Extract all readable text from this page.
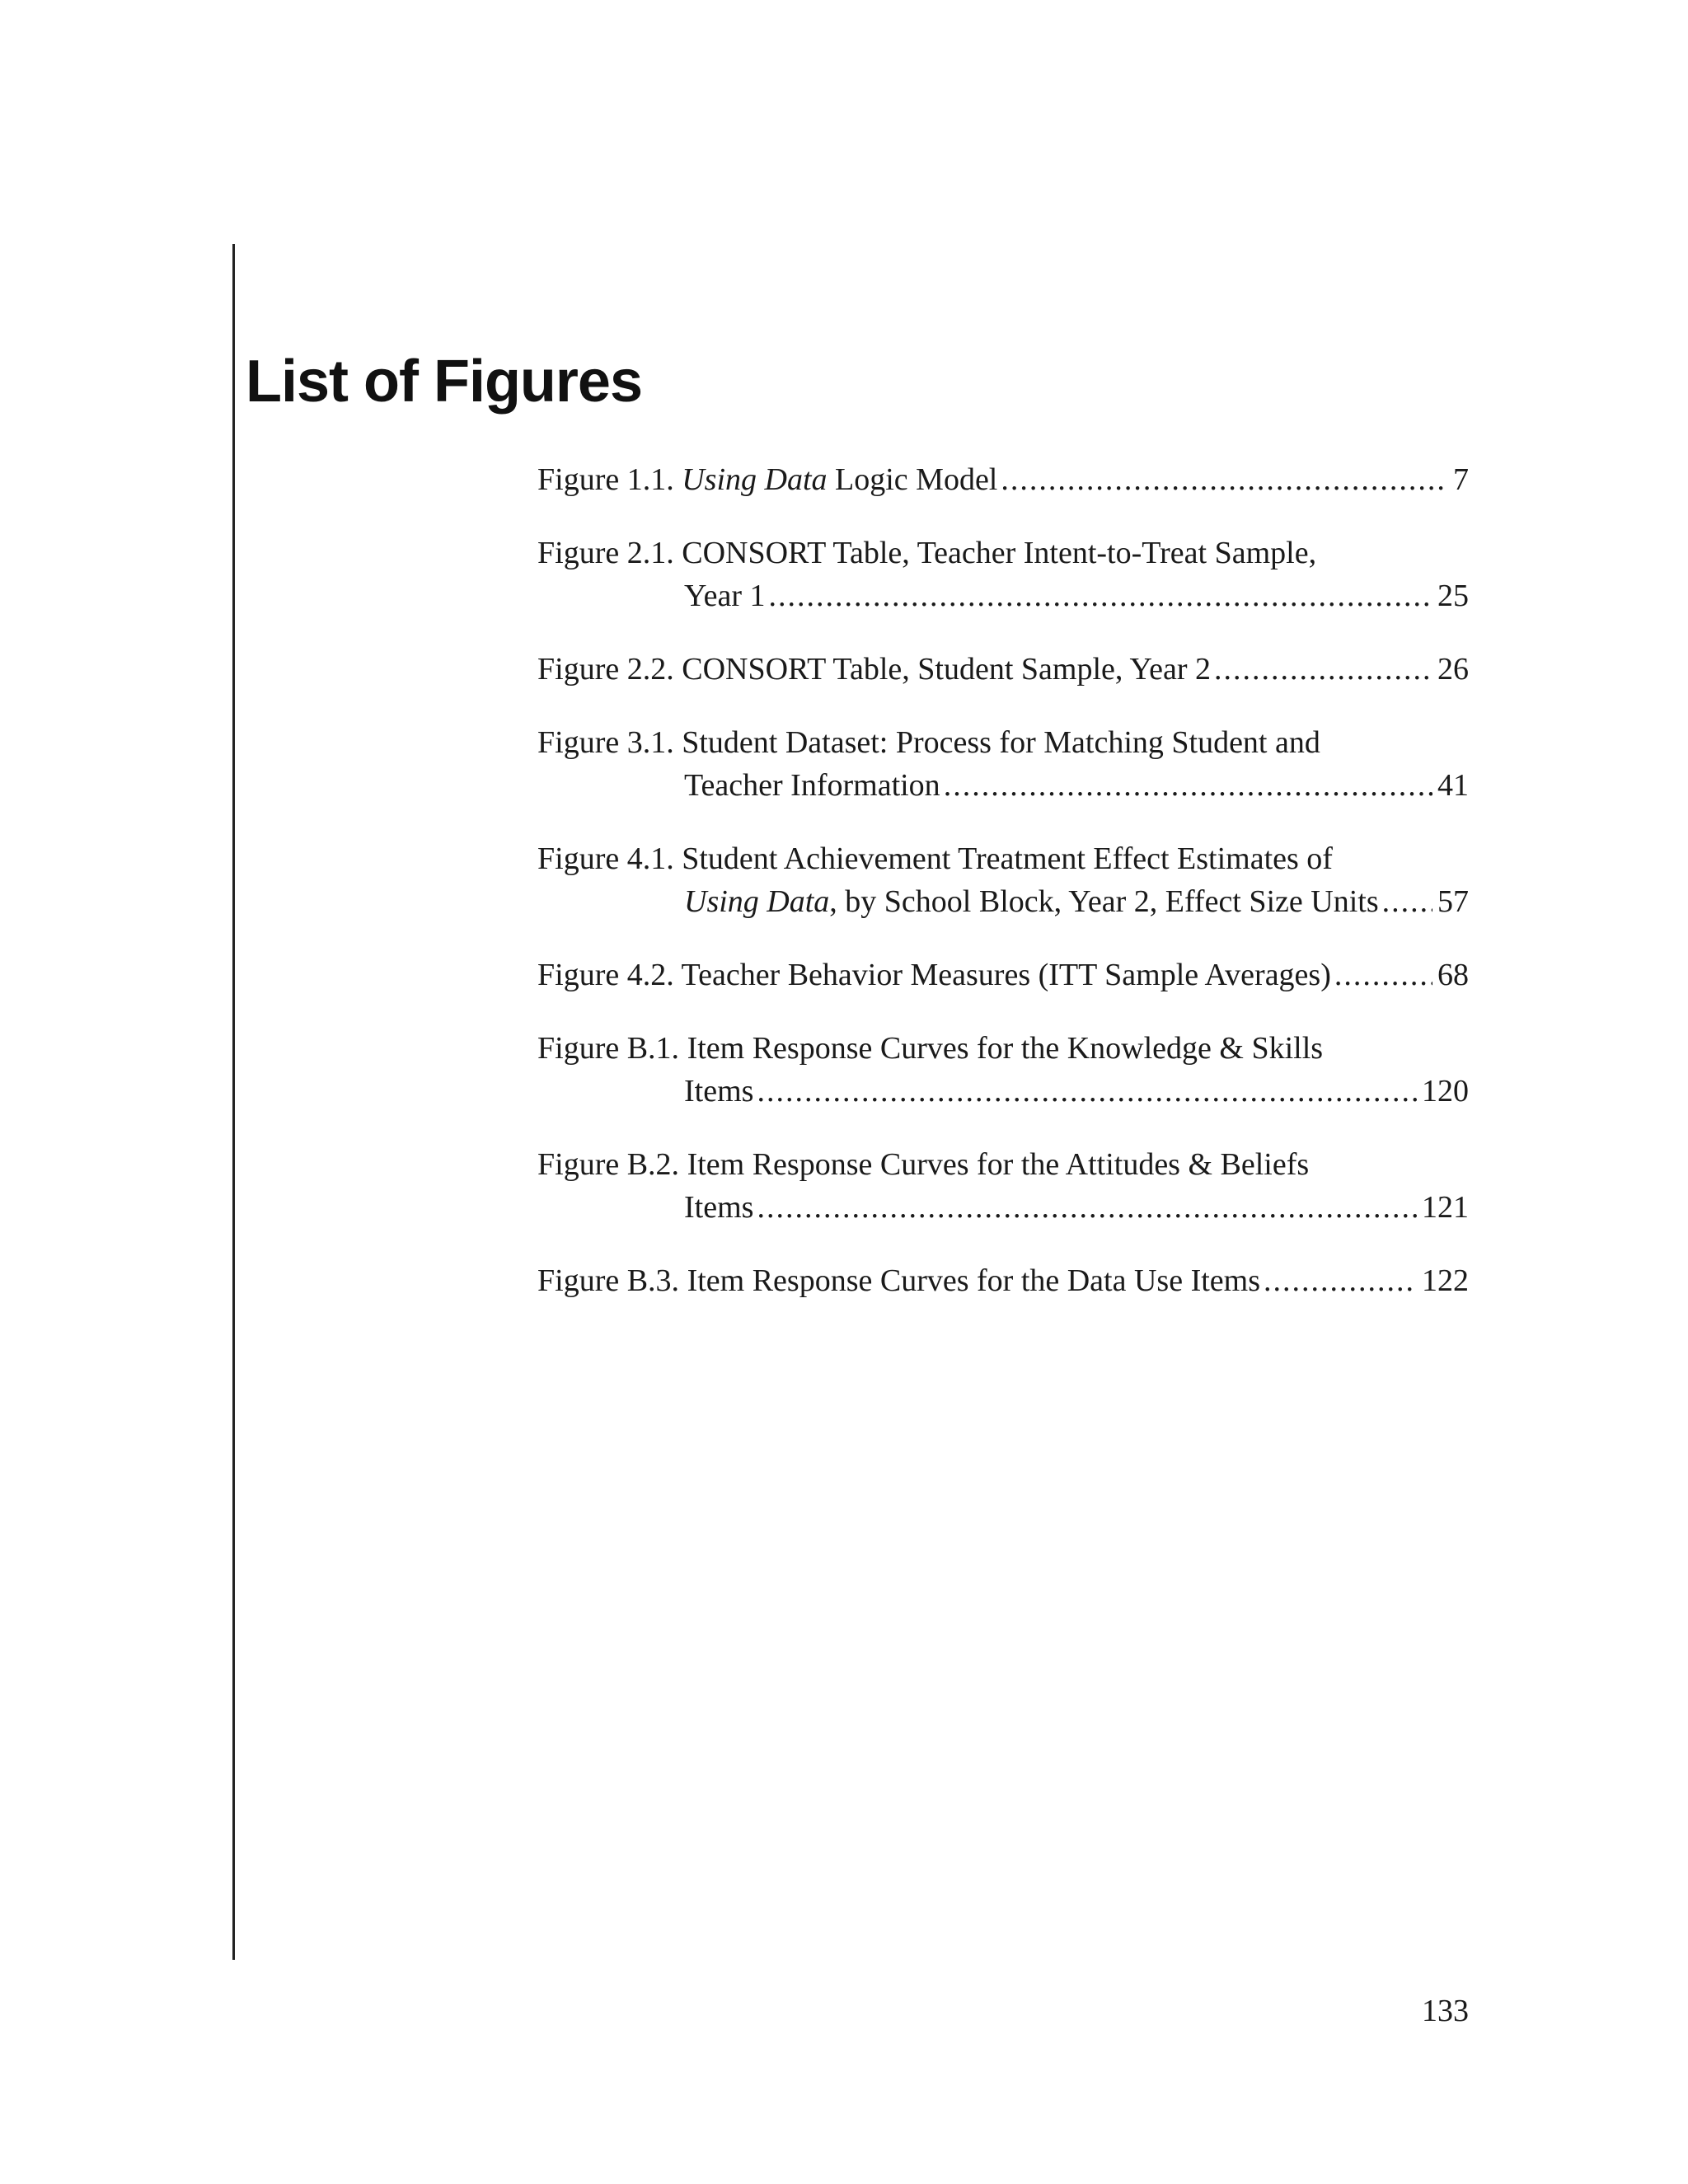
List of Figures
Figure 1.1. Using Data Logic Model .....	7
Figure 2.1. CONSORT Table, Teacher Intent-to-Treat Sample,
Year 1 .....	25
Figure 2.2. CONSORT Table, Student Sample, Year 2 .....	26
Figure 3.1. Student Dataset: Process for Matching Student and
Teacher Information .....	41
Figure 4.1. Student Achievement Treatment Effect Estimates of
Using Data, by School Block, Year 2, Effect Size Units ..... 57
Figure 4.2. Teacher Behavior Measures (ITT Sample Averages) .....	68
Figure B.1. Item Response Curves for the Knowledge & Skills
Items .....	120
Figure B.2. Item Response Curves for the Attitudes & Beliefs
Items .....	121
Figure B.3. Item Response Curves for the Data Use Items .....	122
133
